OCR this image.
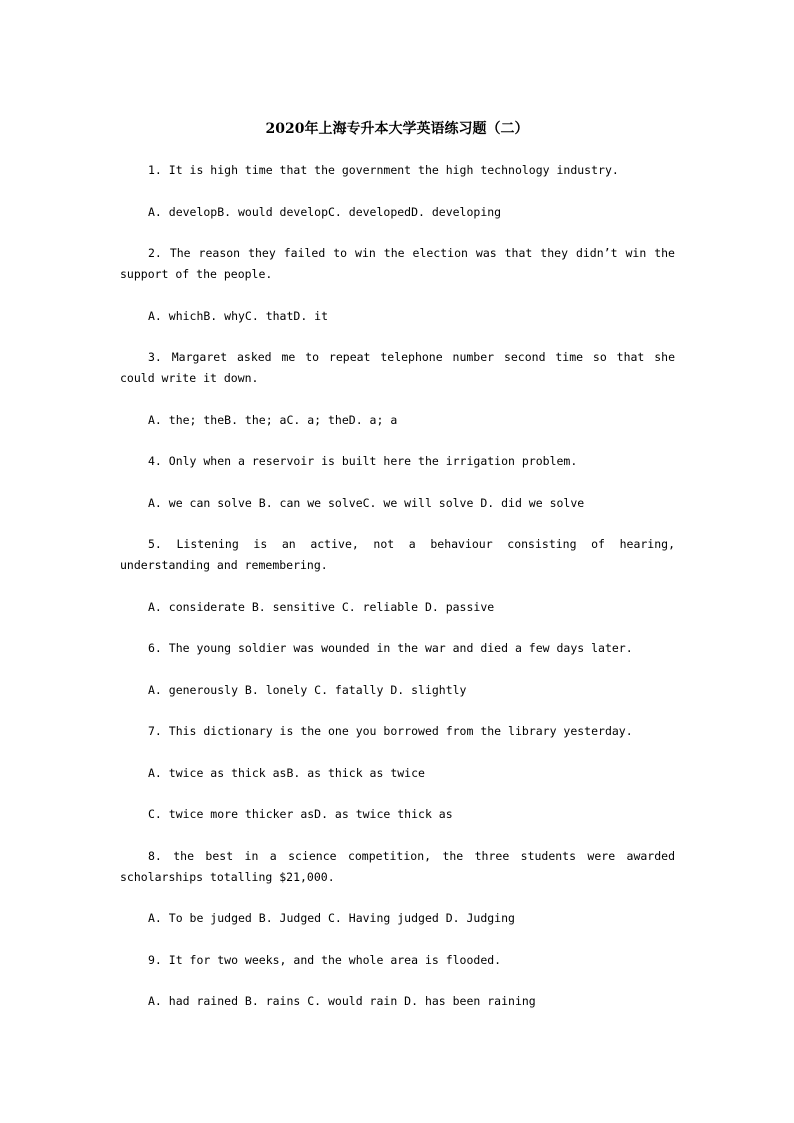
2020年上海专升本大学英语练习题（二）

1. It is high time that the government the high technology industry.

A. developB. would developC. developedD. developing

2. The reason they failed to win the election was that they didn’t win the support of the people.

A. whichB. whyC. thatD. it

3. Margaret asked me to repeat telephone number second time so that she could write it down.

A. the; theB. the; aC. a; theD. a; a

4. Only when a reservoir is built here the irrigation problem.

A. we can solve B. can we solveC. we will solve D. did we solve

5. Listening is an active, not a behaviour consisting of hearing, understanding and remembering.

A. considerate B. sensitive C. reliable D. passive

6. The young soldier was wounded in the war and died a few days later.

A. generously B. lonely C. fatally D. slightly

7. This dictionary is the one you borrowed from the library yesterday.

A. twice as thick asB. as thick as twice

C. twice more thicker asD. as twice thick as

8. the best in a science competition, the three students were awarded scholarships totalling $21,000.

A. To be judged B. Judged C. Having judged D. Judging

9. It for two weeks, and the whole area is flooded.

A. had rained B. rains C. would rain D. has been raining
